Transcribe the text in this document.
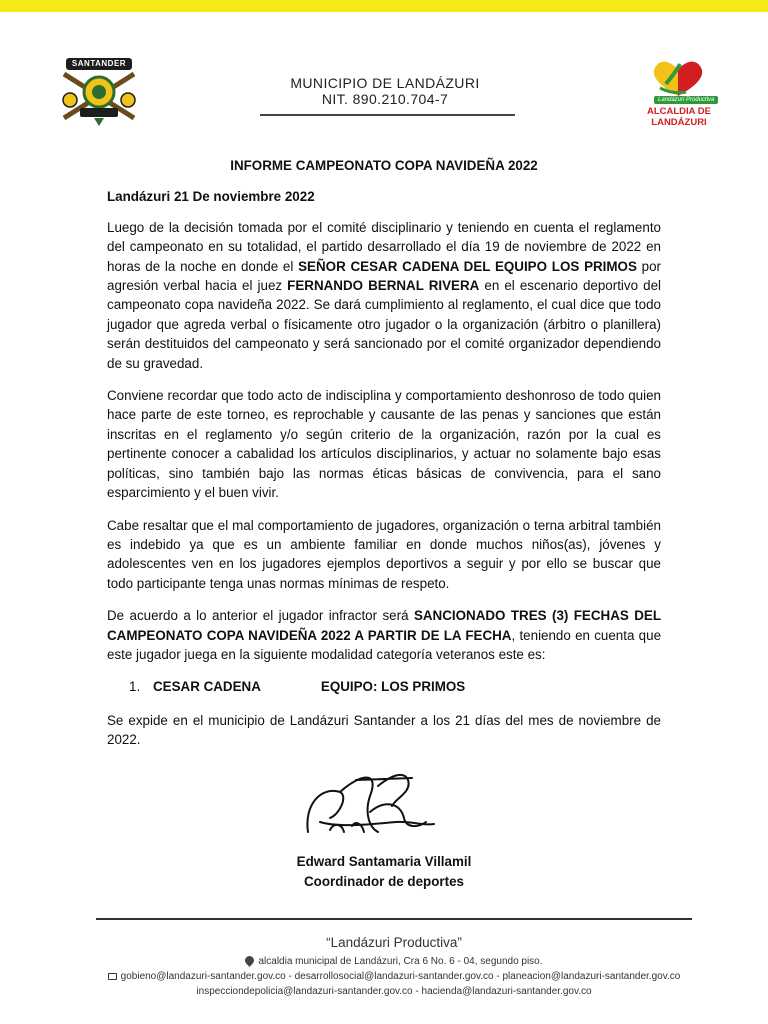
SANTANDER
MUNICIPIO DE LANDÁZURI
NIT. 890.210.704-7	Landázuri Productiva
ALCALDIA DE LANDÁZURI
INFORME CAMPEONATO COPA NAVIDEÑA 2022
Landázuri 21 De noviembre 2022

Luego de la decisión tomada por el comité disciplinario y teniendo en cuenta el reglamento del campeonato en su totalidad, el partido desarrollado el día 19 de noviembre de 2022 en horas de la noche en donde el SEÑOR CESAR CADENA DEL EQUIPO LOS PRIMOS por agresión verbal hacia el juez FERNANDO BERNAL RIVERA en el escenario deportivo del campeonato copa navideña 2022. Se dará cumplimiento al reglamento, el cual dice que todo jugador que agreda verbal o físicamente otro jugador o la organización (árbitro o planillera) serán destituidos del campeonato y será sancionado por el comité organizador dependiendo de su gravedad.

Conviene recordar que todo acto de indisciplina y comportamiento deshonroso de todo quien hace parte de este torneo, es reprochable y causante de las penas y sanciones que están inscritas en el reglamento y/o según criterio de la organización, razón por la cual es pertinente conocer a cabalidad los artículos disciplinarios, y actuar no solamente bajo esas políticas, sino también bajo las normas éticas básicas de convivencia, para el sano esparcimiento y el buen vivir.

Cabe resaltar que el mal comportamiento de jugadores, organización o terna arbitral también es indebido ya que es un ambiente familiar en donde muchos niños(as), jóvenes y adolescentes ven en los jugadores ejemplos deportivos a seguir y por ello se buscar que todo participante tenga unas normas mínimas de respeto.

De acuerdo a lo anterior el jugador infractor será SANCIONADO TRES (3) FECHAS DEL CAMPEONATO COPA NAVIDEÑA 2022 A PARTIR DE LA FECHA, teniendo en cuenta que este jugador juega en la siguiente modalidad categoría veteranos este es:

1. CESAR CADENA	EQUIPO: LOS PRIMOS

Se expide en el municipio de Landázuri Santander a los 21 días del mes de noviembre de 2022.

Edward Santamaria Villamil
Coordinador de deportes
“Landázuri Productiva”
alcaldia municipal de Landázuri, Cra 6 No. 6 - 04, segundo piso.
gobieno@landazuri-santander.gov.co - desarrollosocial@landazuri-santander.gov.co - planeacion@landazuri-santander.gov.co
inspecciondepolicia@landazuri-santander.gov.co - hacienda@landazuri-santander.gov.co
